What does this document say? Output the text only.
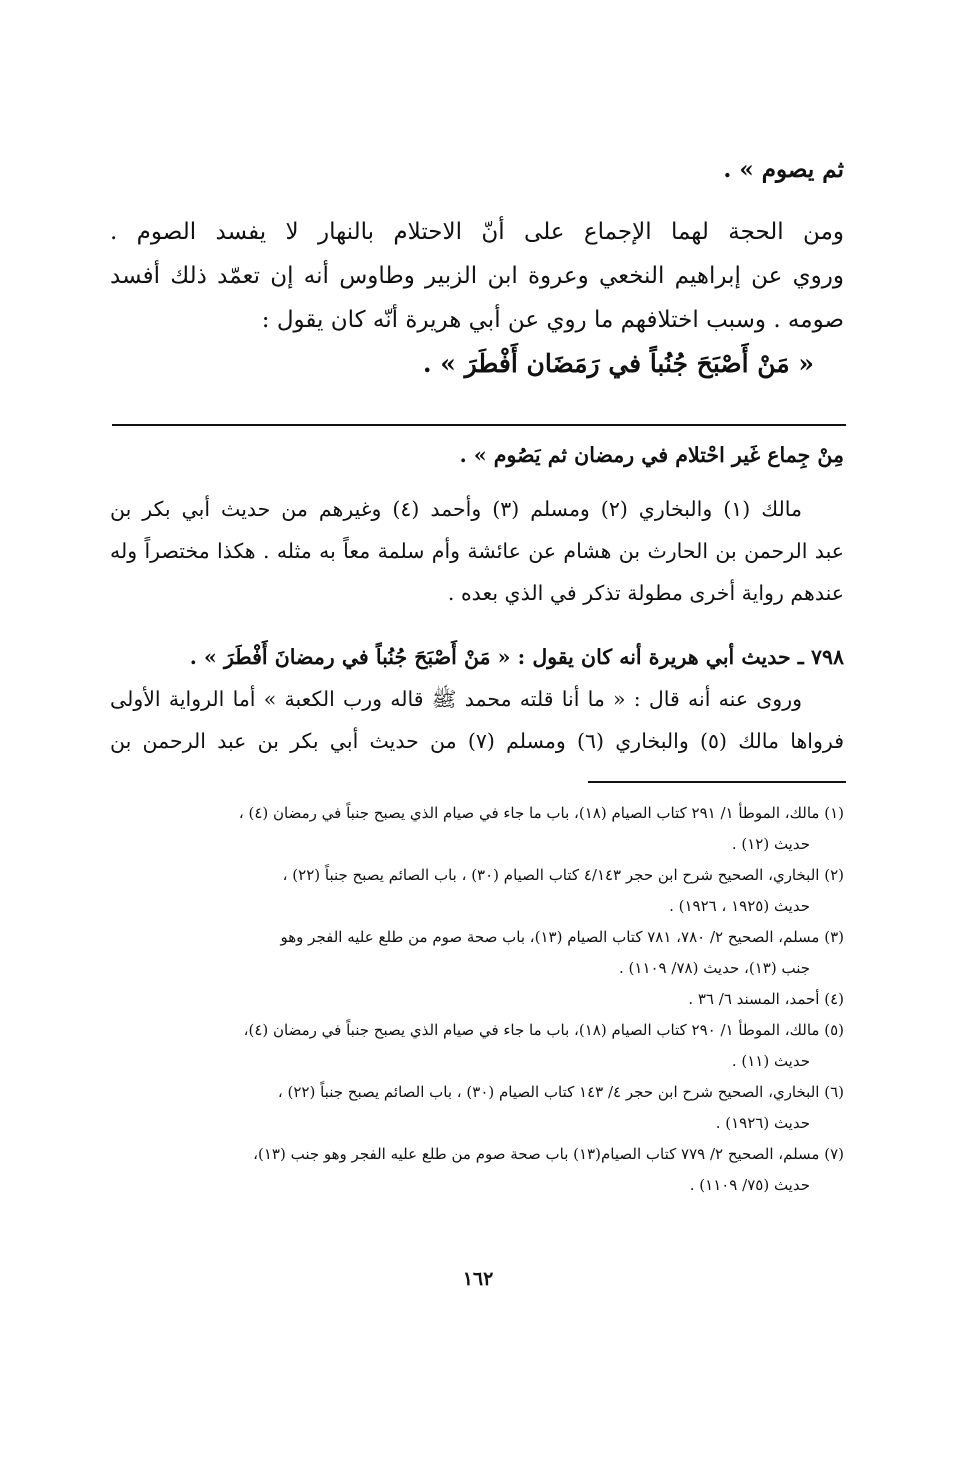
ثم يصوم » .
ومن الحجة لهما الإجماع على أنّ الاحتلام بالنهار لا يفسد الصوم .
وروي عن إبراهيم النخعي وعروة ابن الزبير وطاوس أنه إن تعمّد ذلك أفسد
صومه . وسبب اختلافهم ما روي عن أبي هريرة أنّه كان يقول :
« مَنْ أَصْبَحَ جُنُباً في رَمَضَان أَفْطَرَ » .
مِنْ جِماع غَير احْتلام في رمضان ثم يَصُوم » .
مالك (١) والبخاري (٢) ومسلم (٣) وأحمد (٤) وغيرهم من حديث أبي بكر بن
عبد الرحمن بن الحارث بن هشام عن عائشة وأم سلمة معاً به مثله . هكذا مختصراً وله
عندهم رواية أخرى مطولة تذكر في الذي بعده .
٧٩٨ ـ حديث أبي هريرة أنه كان يقول : « مَنْ أَصْبَحَ جُنُباً في رمضانَ أَفْطَرَ » .
وروى عنه أنه قال : « ما أنا قلته محمد ﷺ قاله ورب الكعبة » أما الرواية الأولى
فرواها مالك (٥) والبخاري (٦) ومسلم (٧) من حديث أبي بكر بن عبد الرحمن بن
(١) مالك، الموطأ ١/ ٢٩١ كتاب الصيام (١٨)، باب ما جاء في صيام الذي يصبح جنباً في رمضان (٤) ،
حديث (١٢) .
(٢) البخاري، الصحيح شرح ابن حجر ٤/١٤٣ كتاب الصيام (٣٠) ، باب الصائم يصبح جنباً (٢٢) ،
حديث (١٩٢٥ ، ١٩٢٦) .
(٣) مسلم، الصحيح ٢/ ٧٨٠، ٧٨١ كتاب الصيام (١٣)، باب صحة صوم من طلع عليه الفجر وهو
جنب (١٣)، حديث (٧٨/ ١١٠٩) .
(٤) أحمد، المسند ٦/ ٣٦ .
(٥) مالك، الموطأ ١/ ٢٩٠ كتاب الصيام (١٨)، باب ما جاء في صيام الذي يصبح جنباً في رمضان (٤)،
حديث (١١) .
(٦) البخاري، الصحيح شرح ابن حجر ٤/ ١٤٣ كتاب الصيام (٣٠) ، باب الصائم يصبح جنباً (٢٢) ،
حديث (١٩٢٦) .
(٧) مسلم، الصحيح ٢/ ٧٧٩ كتاب الصيام(١٣) باب صحة صوم من طلع عليه الفجر وهو جنب (١٣)،
حديث (٧٥/ ١١٠٩) .
١٦٢
